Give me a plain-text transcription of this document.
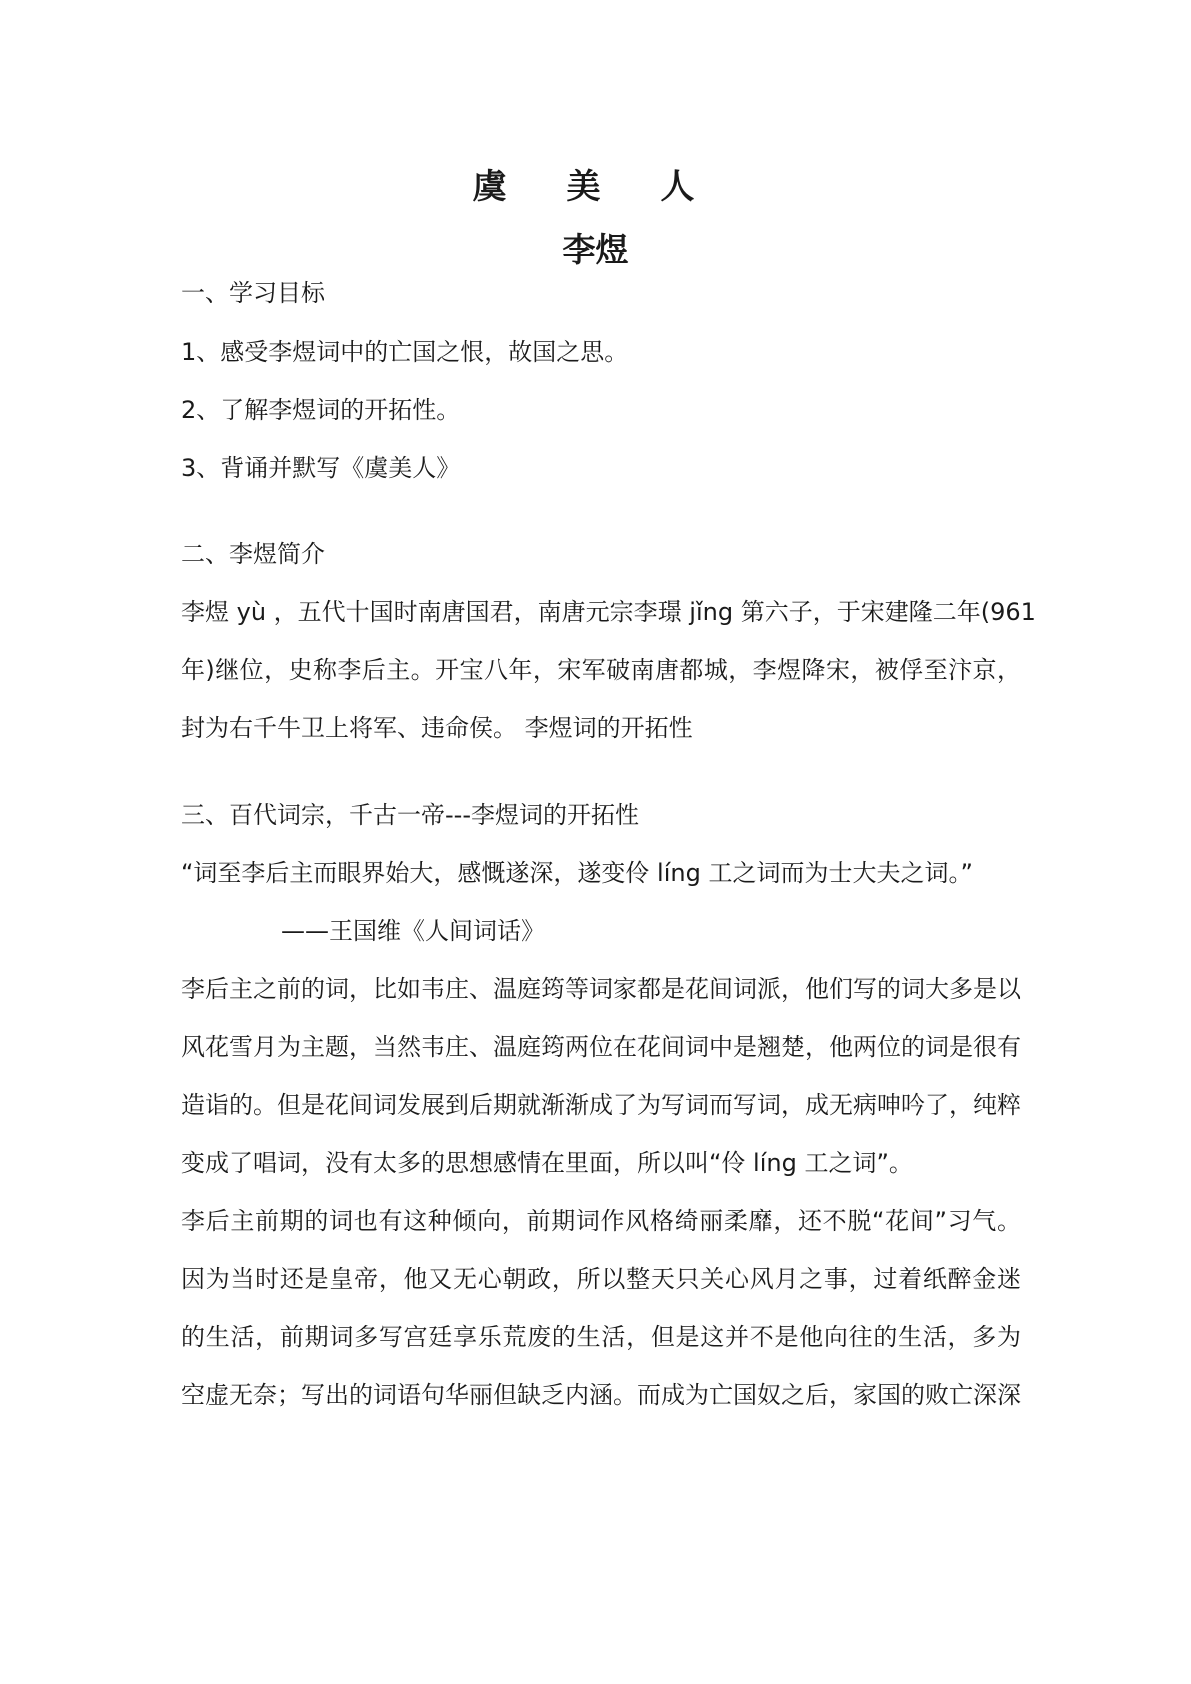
虞 美 人
李煜
一、学习目标
1、感受李煜词中的亡国之恨，故国之思。
2、了解李煜词的开拓性。
3、背诵并默写《虞美人》
二、李煜简介
李煜 yù ，五代十国时南唐国君，南唐元宗李璟 jǐng 第六子，于宋建隆二年(961
年)继位，史称李后主。开宝八年，宋军破南唐都城，李煜降宋，被俘至汴京，
封为右千牛卫上将军、违命侯。 李煜词的开拓性
三、百代词宗，千古一帝---李煜词的开拓性
“词至李后主而眼界始大，感慨遂深，遂变伶 líng 工之词而为士大夫之词。”
——王国维《人间词话》
李后主之前的词，比如韦庄、温庭筠等词家都是花间词派，他们写的词大多是以
风花雪月为主题，当然韦庄、温庭筠两位在花间词中是翘楚，他两位的词是很有
造诣的。但是花间词发展到后期就渐渐成了为写词而写词，成无病呻吟了，纯粹
变成了唱词，没有太多的思想感情在里面，所以叫“伶 líng 工之词”。
李后主前期的词也有这种倾向，前期词作风格绮丽柔靡，还不脱“花间”习气。
因为当时还是皇帝，他又无心朝政，所以整天只关心风月之事，过着纸醉金迷
的生活，前期词多写宫廷享乐荒废的生活，但是这并不是他向往的生活，多为
空虚无奈；写出的词语句华丽但缺乏内涵。而成为亡国奴之后，家国的败亡深深
